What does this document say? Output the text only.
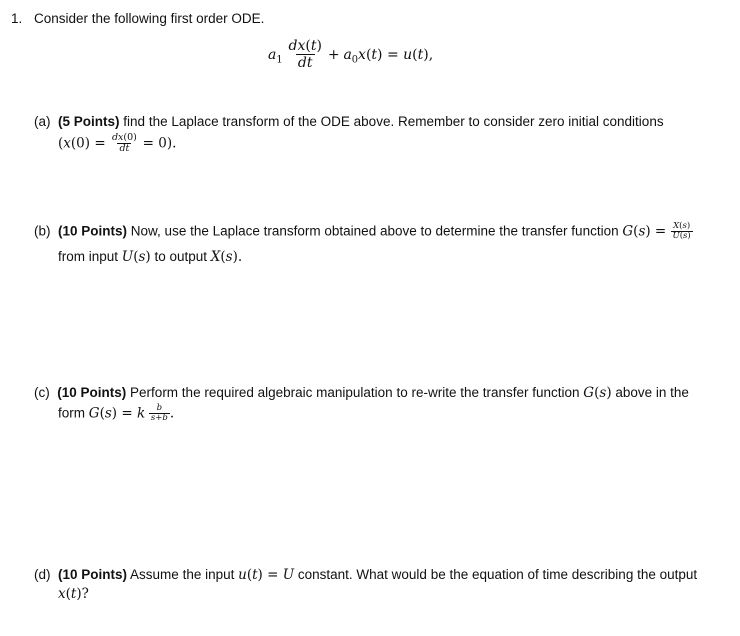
1. Consider the following first order ODE.
$a_1 \frac{dx(t)}{dt} + a_0x(t) = u(t)$,
(a) (5 Points) find the Laplace transform of the ODE above. Remember to consider zero initial conditions
$(x(0) = \frac{dx(0)}{dt} = 0)$.
(b) (10 Points) Now, use the Laplace transform obtained above to determine the transfer function $G(s) = \frac{X(s)}{U(s)}$
from input U(s) to output X(s).
(c) (10 Points) Perform the required algebraic manipulation to re-write the transfer function G(s) above in the
form G(s) = k $\frac{b}{s+b}$ .
(d) (10 Points) Assume the input u(t) = U constant. What would be the equation of time describing the output
x(t)?
